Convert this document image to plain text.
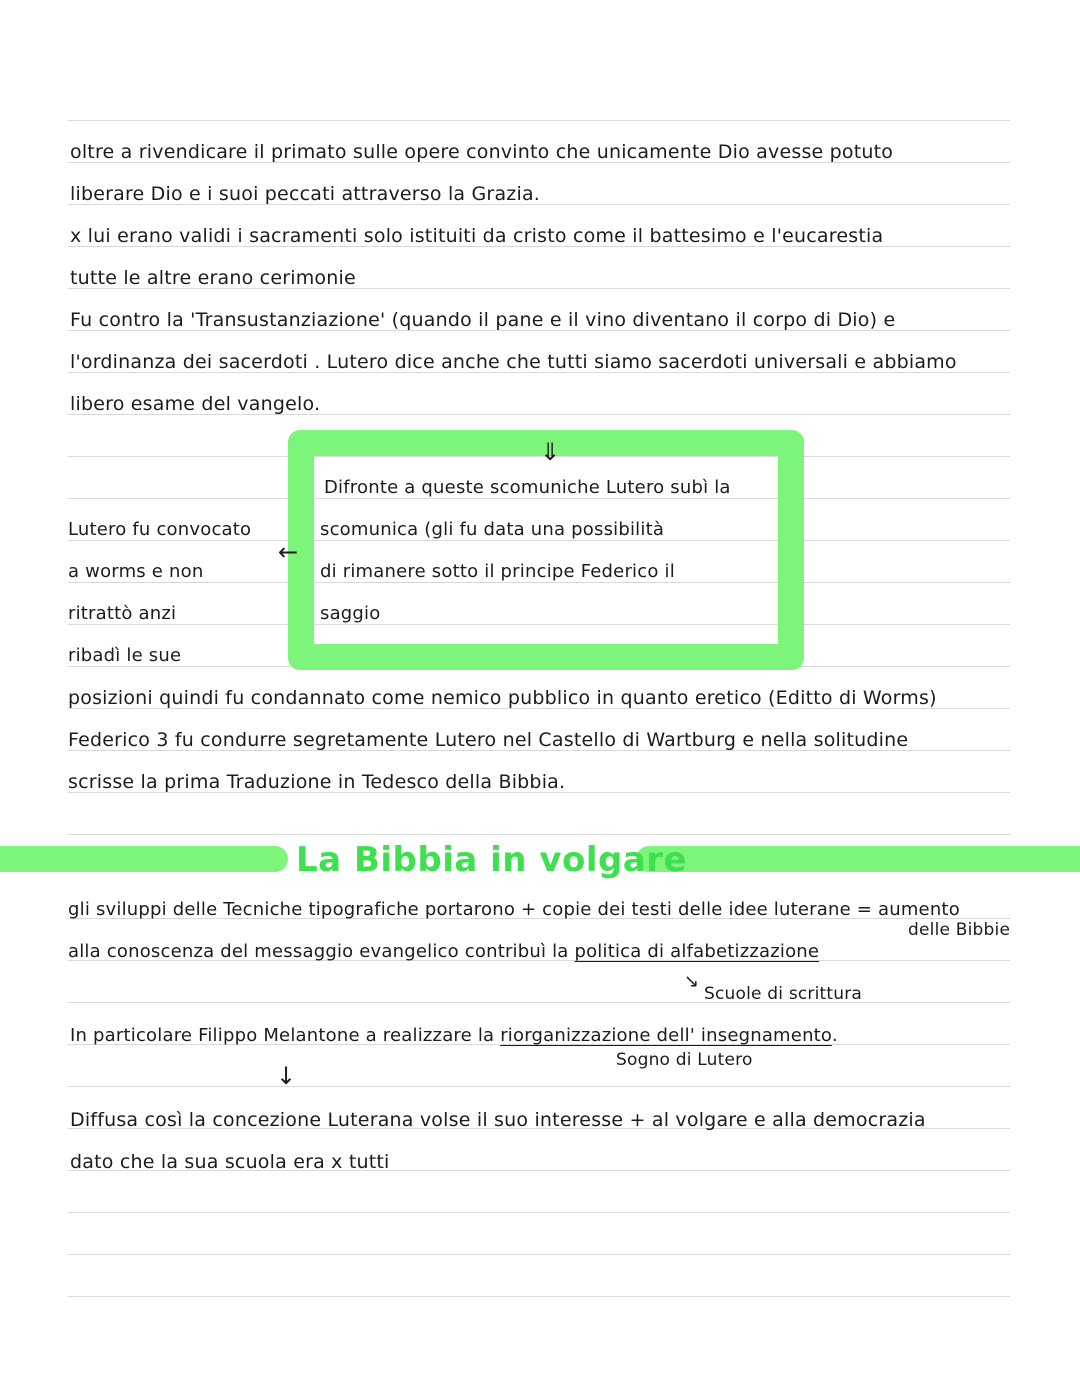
oltre a rivendicare il primato sulle opere convinto che unicamente Dio avesse potuto
liberare Dio e i suoi peccati attraverso la Grazia.
x lui erano validi i sacramenti solo istituiti da cristo come il battesimo e l'eucarestia
tutte le altre erano cerimonie
Fu contro la 'Transustanziazione' (quando il pane e il vino diventano il corpo di Dio) e
l'ordinanza dei sacerdoti . Lutero dice anche che tutti siamo sacerdoti universali e abbiamo
libero esame del vangelo.
⇓
Difronte a queste scomuniche Lutero subì la
scomunica (gli fu data una possibilità
di rimanere sotto il principe Federico il
saggio
Lutero fu convocato
←
a worms e non
ritrattò anzi
ribadì le sue
posizioni quindi fu condannato come nemico pubblico in quanto eretico (Editto di Worms)
Federico 3 fu condurre segretamente Lutero nel Castello di Wartburg e nella solitudine
scrisse la prima Traduzione in Tedesco della Bibbia.
La Bibbia in volgare
gli sviluppi delle Tecniche tipografiche portarono + copie dei testi delle idee luterane = aumento
delle Bibbie
alla conoscenza del messaggio evangelico contribuì la politica di alfabetizzazione
↘
Scuole di scrittura
In particolare Filippo Melantone a realizzare la riorganizzazione dell' insegnamento.
Sogno di Lutero
↓
Diffusa così la concezione Luterana volse il suo interesse + al volgare e alla democrazia
dato che la sua scuola era x tutti
